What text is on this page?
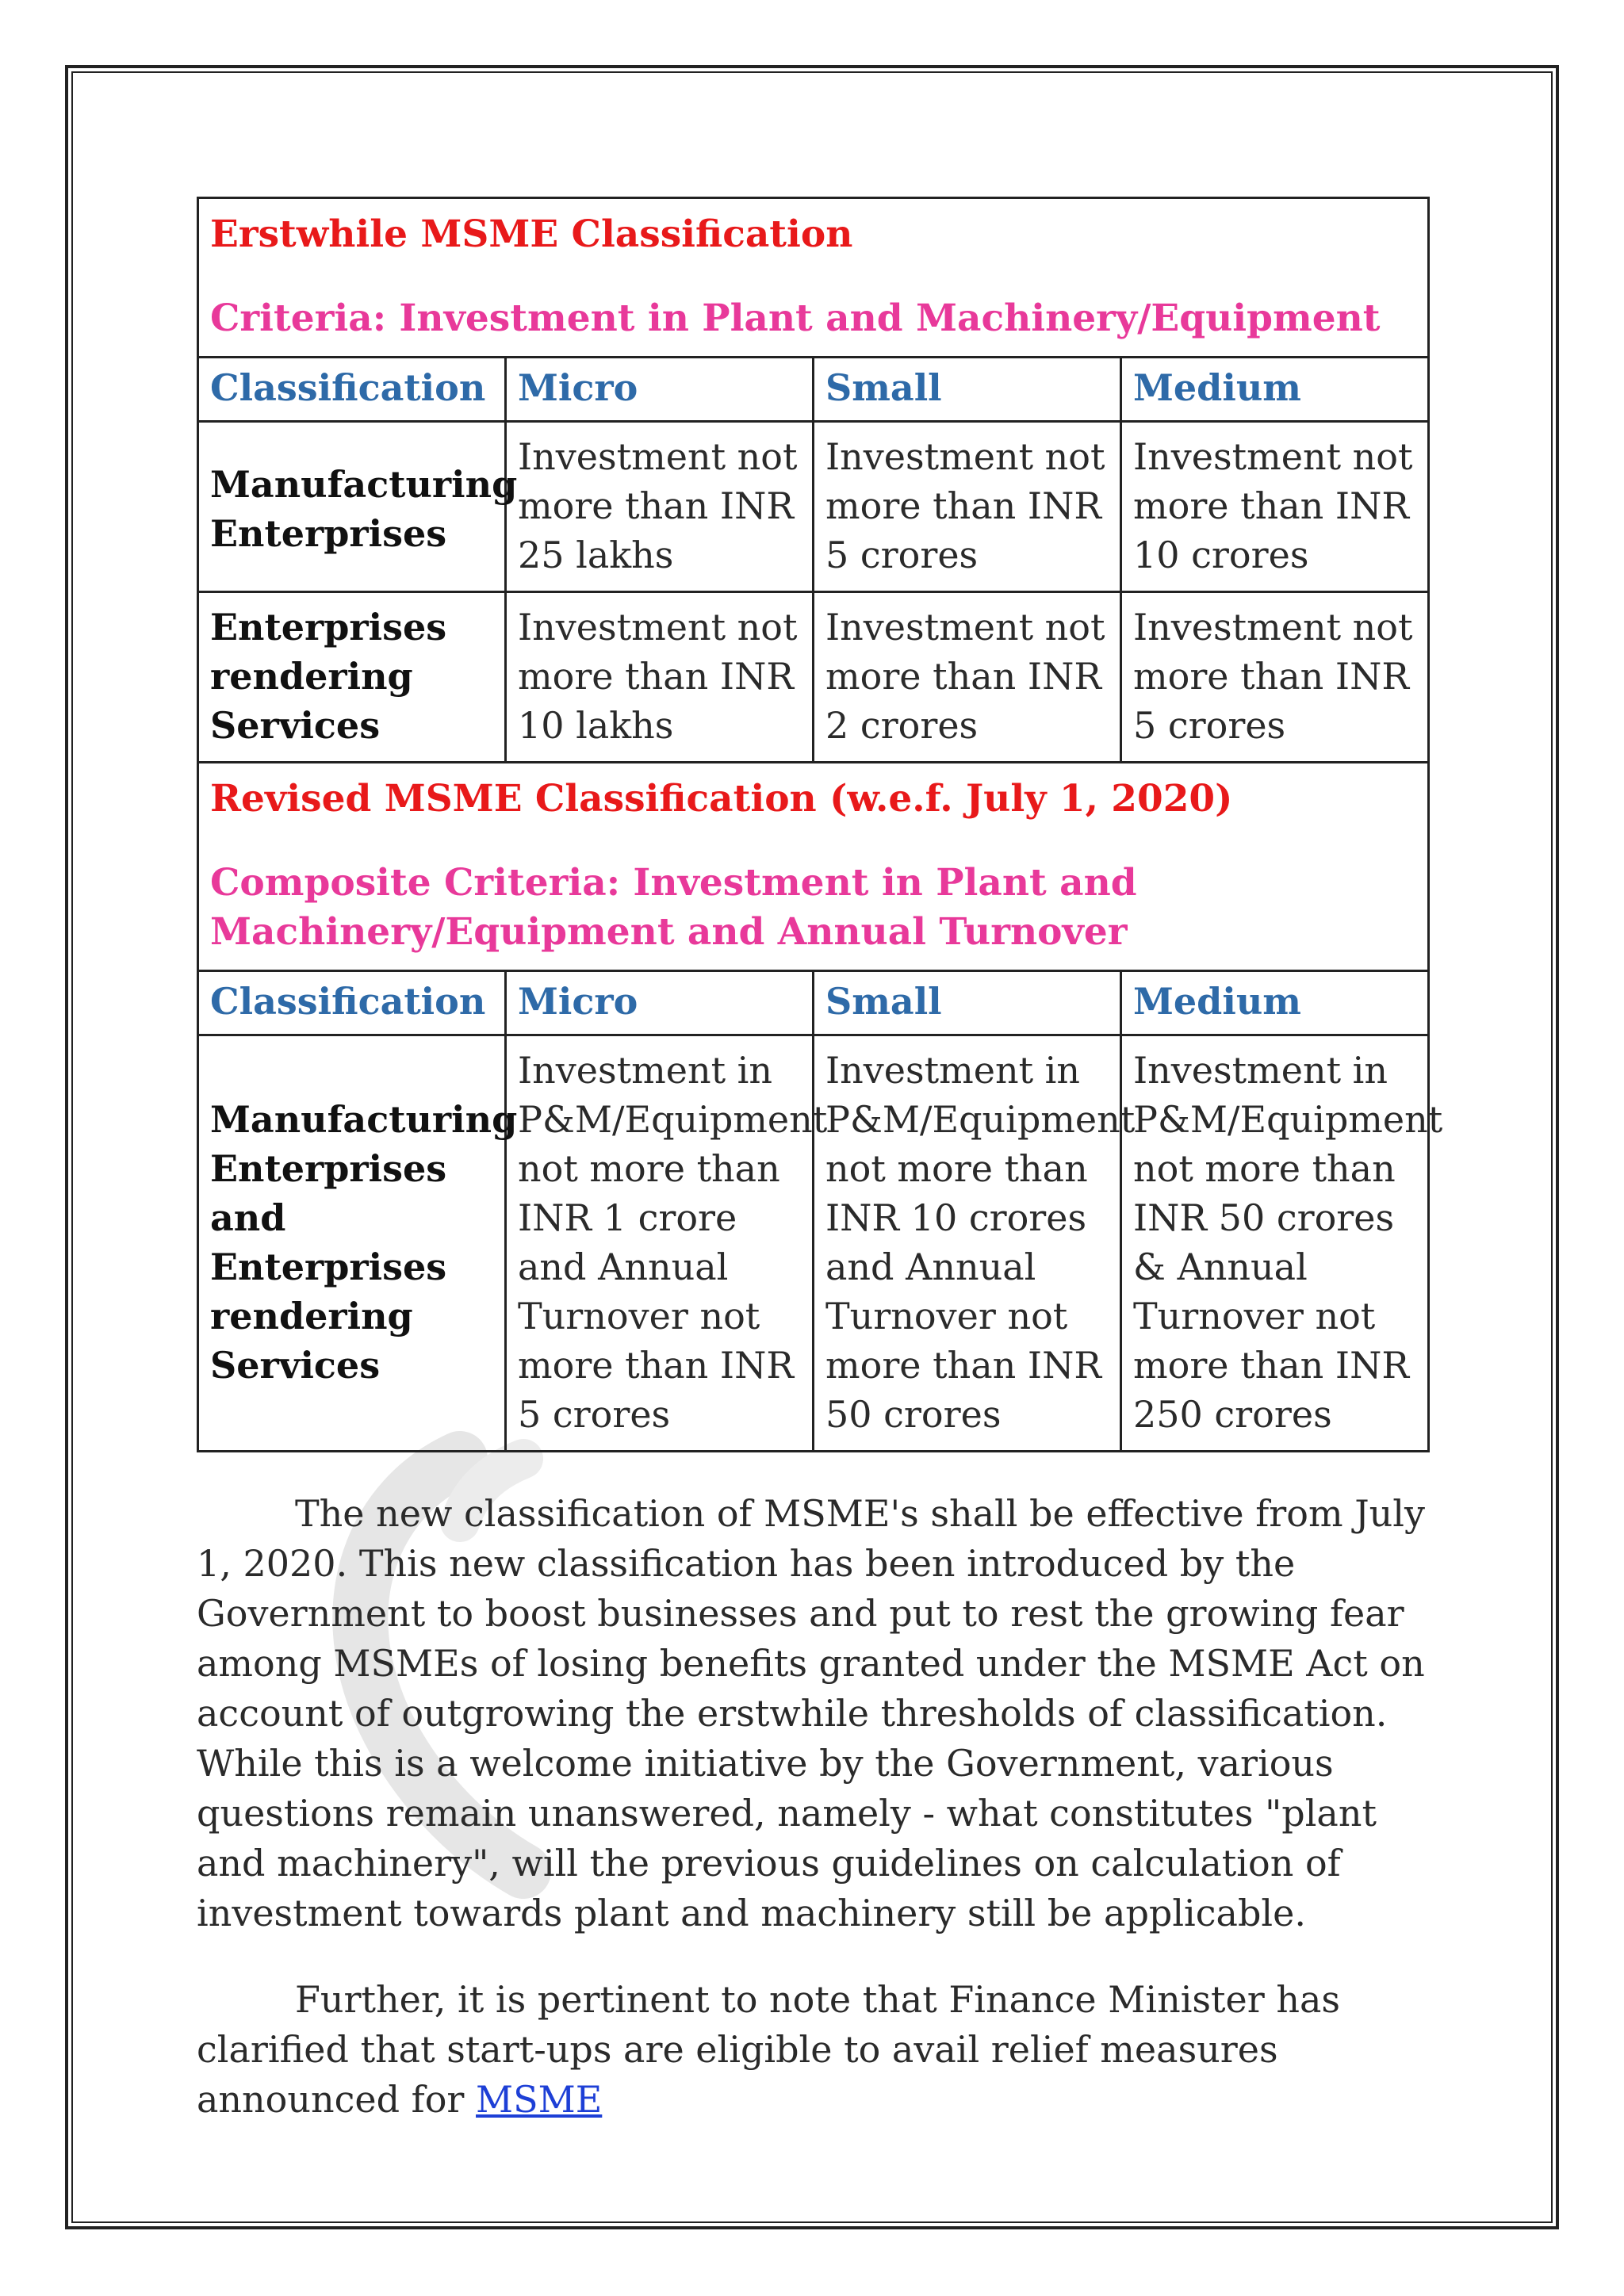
Erstwhile MSME Classification
Criteria: Investment in Plant and Machinery/Equipment			

Classification	Micro	Small	Medium
Manufacturing Enterprises	Investment not more than INR 25 lakhs	Investment not more than INR 5 crores	Investment not more than INR 10 crores
Enterprises rendering Services	Investment not more than INR 10 lakhs	Investment not more than INR 2 crores	Investment not more than INR 5 crores

Revised MSME Classification (w.e.f. July 1, 2020)
Composite Criteria: Investment in Plant and Machinery/Equipment and Annual Turnover			

Classification	Micro	Small	Medium
Manufacturing Enterprises and Enterprises rendering Services	Investment in P&M/Equipment not more than INR 1 crore and Annual Turnover not more than INR 5 crores	Investment in P&M/Equipment not more than INR 10 crores and Annual Turnover not more than INR 50 crores	Investment in P&M/Equipment not more than INR 50 crores & Annual Turnover not more than INR 250 crores

The new classification of MSME's shall be effective from July 1, 2020. This new classification has been introduced by the Government to boost businesses and put to rest the growing fear among MSMEs of losing benefits granted under the MSME Act on account of outgrowing the erstwhile thresholds of classification. While this is a welcome initiative by the Government, various questions remain unanswered, namely - what constitutes "plant and machinery", will the previous guidelines on calculation of investment towards plant and machinery still be applicable.

Further, it is pertinent to note that Finance Minister has clarified that start-ups are eligible to avail relief measures announced for MSME
